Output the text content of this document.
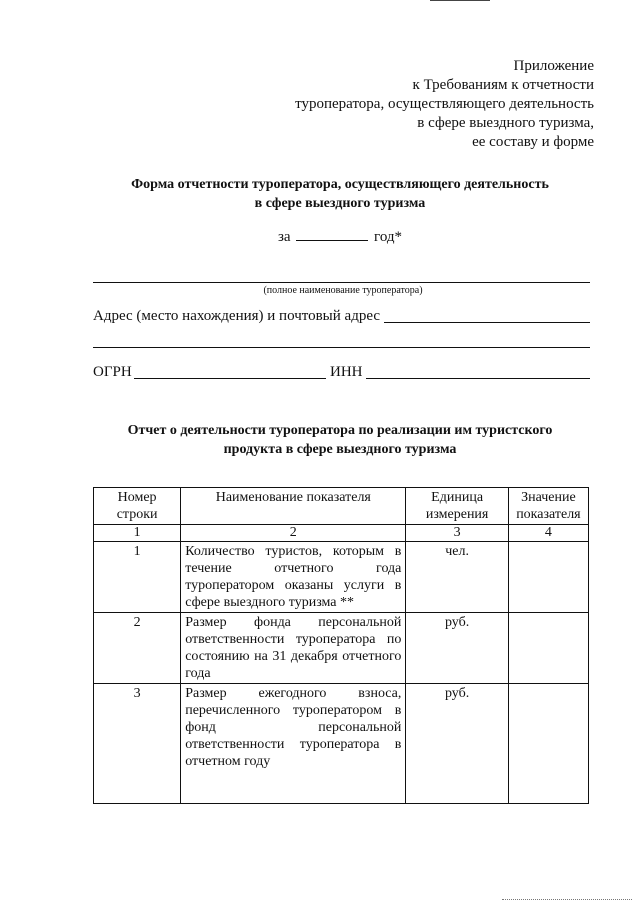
Приложение
к Требованиям к отчетности
туроператора, осуществляющего деятельность
в сфере выездного туризма,
ее составу и форме
Форма отчетности туроператора, осуществляющего деятельность
в сфере выездного туризма
за	год*
(полное наименование туроператора)
Адрес (место нахождения) и почтовый адрес
ОГРН	ИНН
Отчет о деятельности туроператора по реализации им туристского
продукта в сфере выездного туризма
Номер строки	Наименование показателя	Единица измерения	Значение показателя
1	2	3	4
1	Количество туристов, которым в течение отчетного года туроператором оказаны услуги в сфере выездного туризма **	чел.	
2	Размер фонда персональной ответственности туроператора по состоянию на 31 декабря отчетного года	руб.	
3	Размер ежегодного взноса, перечисленного туроператором в фонд персональной ответственности туроператора в отчетном году	руб.	
